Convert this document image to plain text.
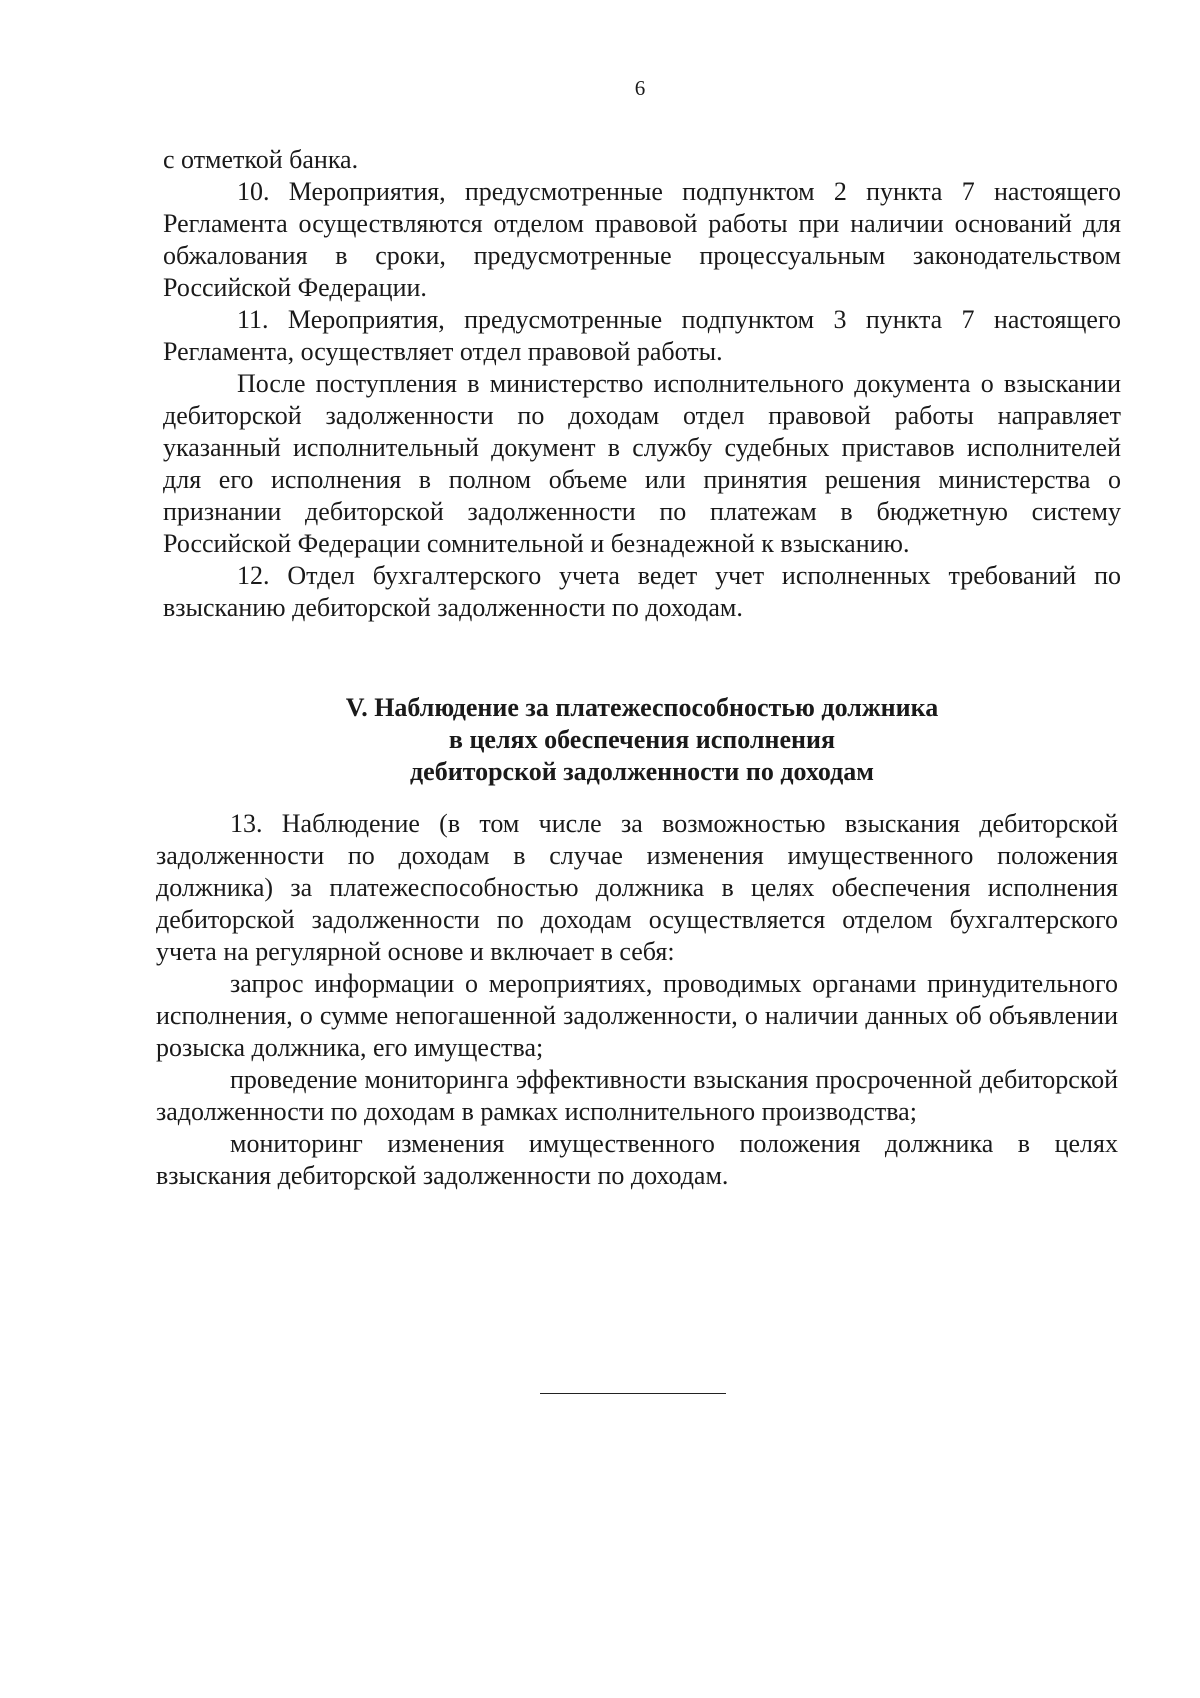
6

с отметкой банка.

10. Мероприятия, предусмотренные подпунктом 2 пункта 7 настоящего Регламента осуществляются отделом правовой работы при наличии оснований для обжалования в сроки, предусмотренные процессуальным законодательством Российской Федерации.

11. Мероприятия, предусмотренные подпунктом 3 пункта 7 настоящего Регламента, осуществляет отдел правовой работы.

После поступления в министерство исполнительного документа о взыскании дебиторской задолженности по доходам отдел правовой работы направляет указанный исполнительный документ в службу судебных приставов исполнителей для его исполнения в полном объеме или принятия решения министерства о признании дебиторской задолженности по платежам в бюджетную систему Российской Федерации сомнительной и безнадежной к взысканию.

12. Отдел бухгалтерского учета ведет учет исполненных требований по взысканию дебиторской задолженности по доходам.

V. Наблюдение за платежеспособностью должника
в целях обеспечения исполнения
дебиторской задолженности по доходам

13. Наблюдение (в том числе за возможностью взыскания дебиторской задолженности по доходам в случае изменения имущественного положения должника) за платежеспособностью должника в целях обеспечения исполнения дебиторской задолженности по доходам осуществляется отделом бухгалтерского учета на регулярной основе и включает в себя:

запрос информации о мероприятиях, проводимых органами принудительного исполнения, о сумме непогашенной задолженности, о наличии данных об объявлении розыска должника, его имущества;

проведение мониторинга эффективности взыскания просроченной дебиторской задолженности по доходам в рамках исполнительного производства;

мониторинг изменения имущественного положения должника в целях взыскания дебиторской задолженности по доходам.
